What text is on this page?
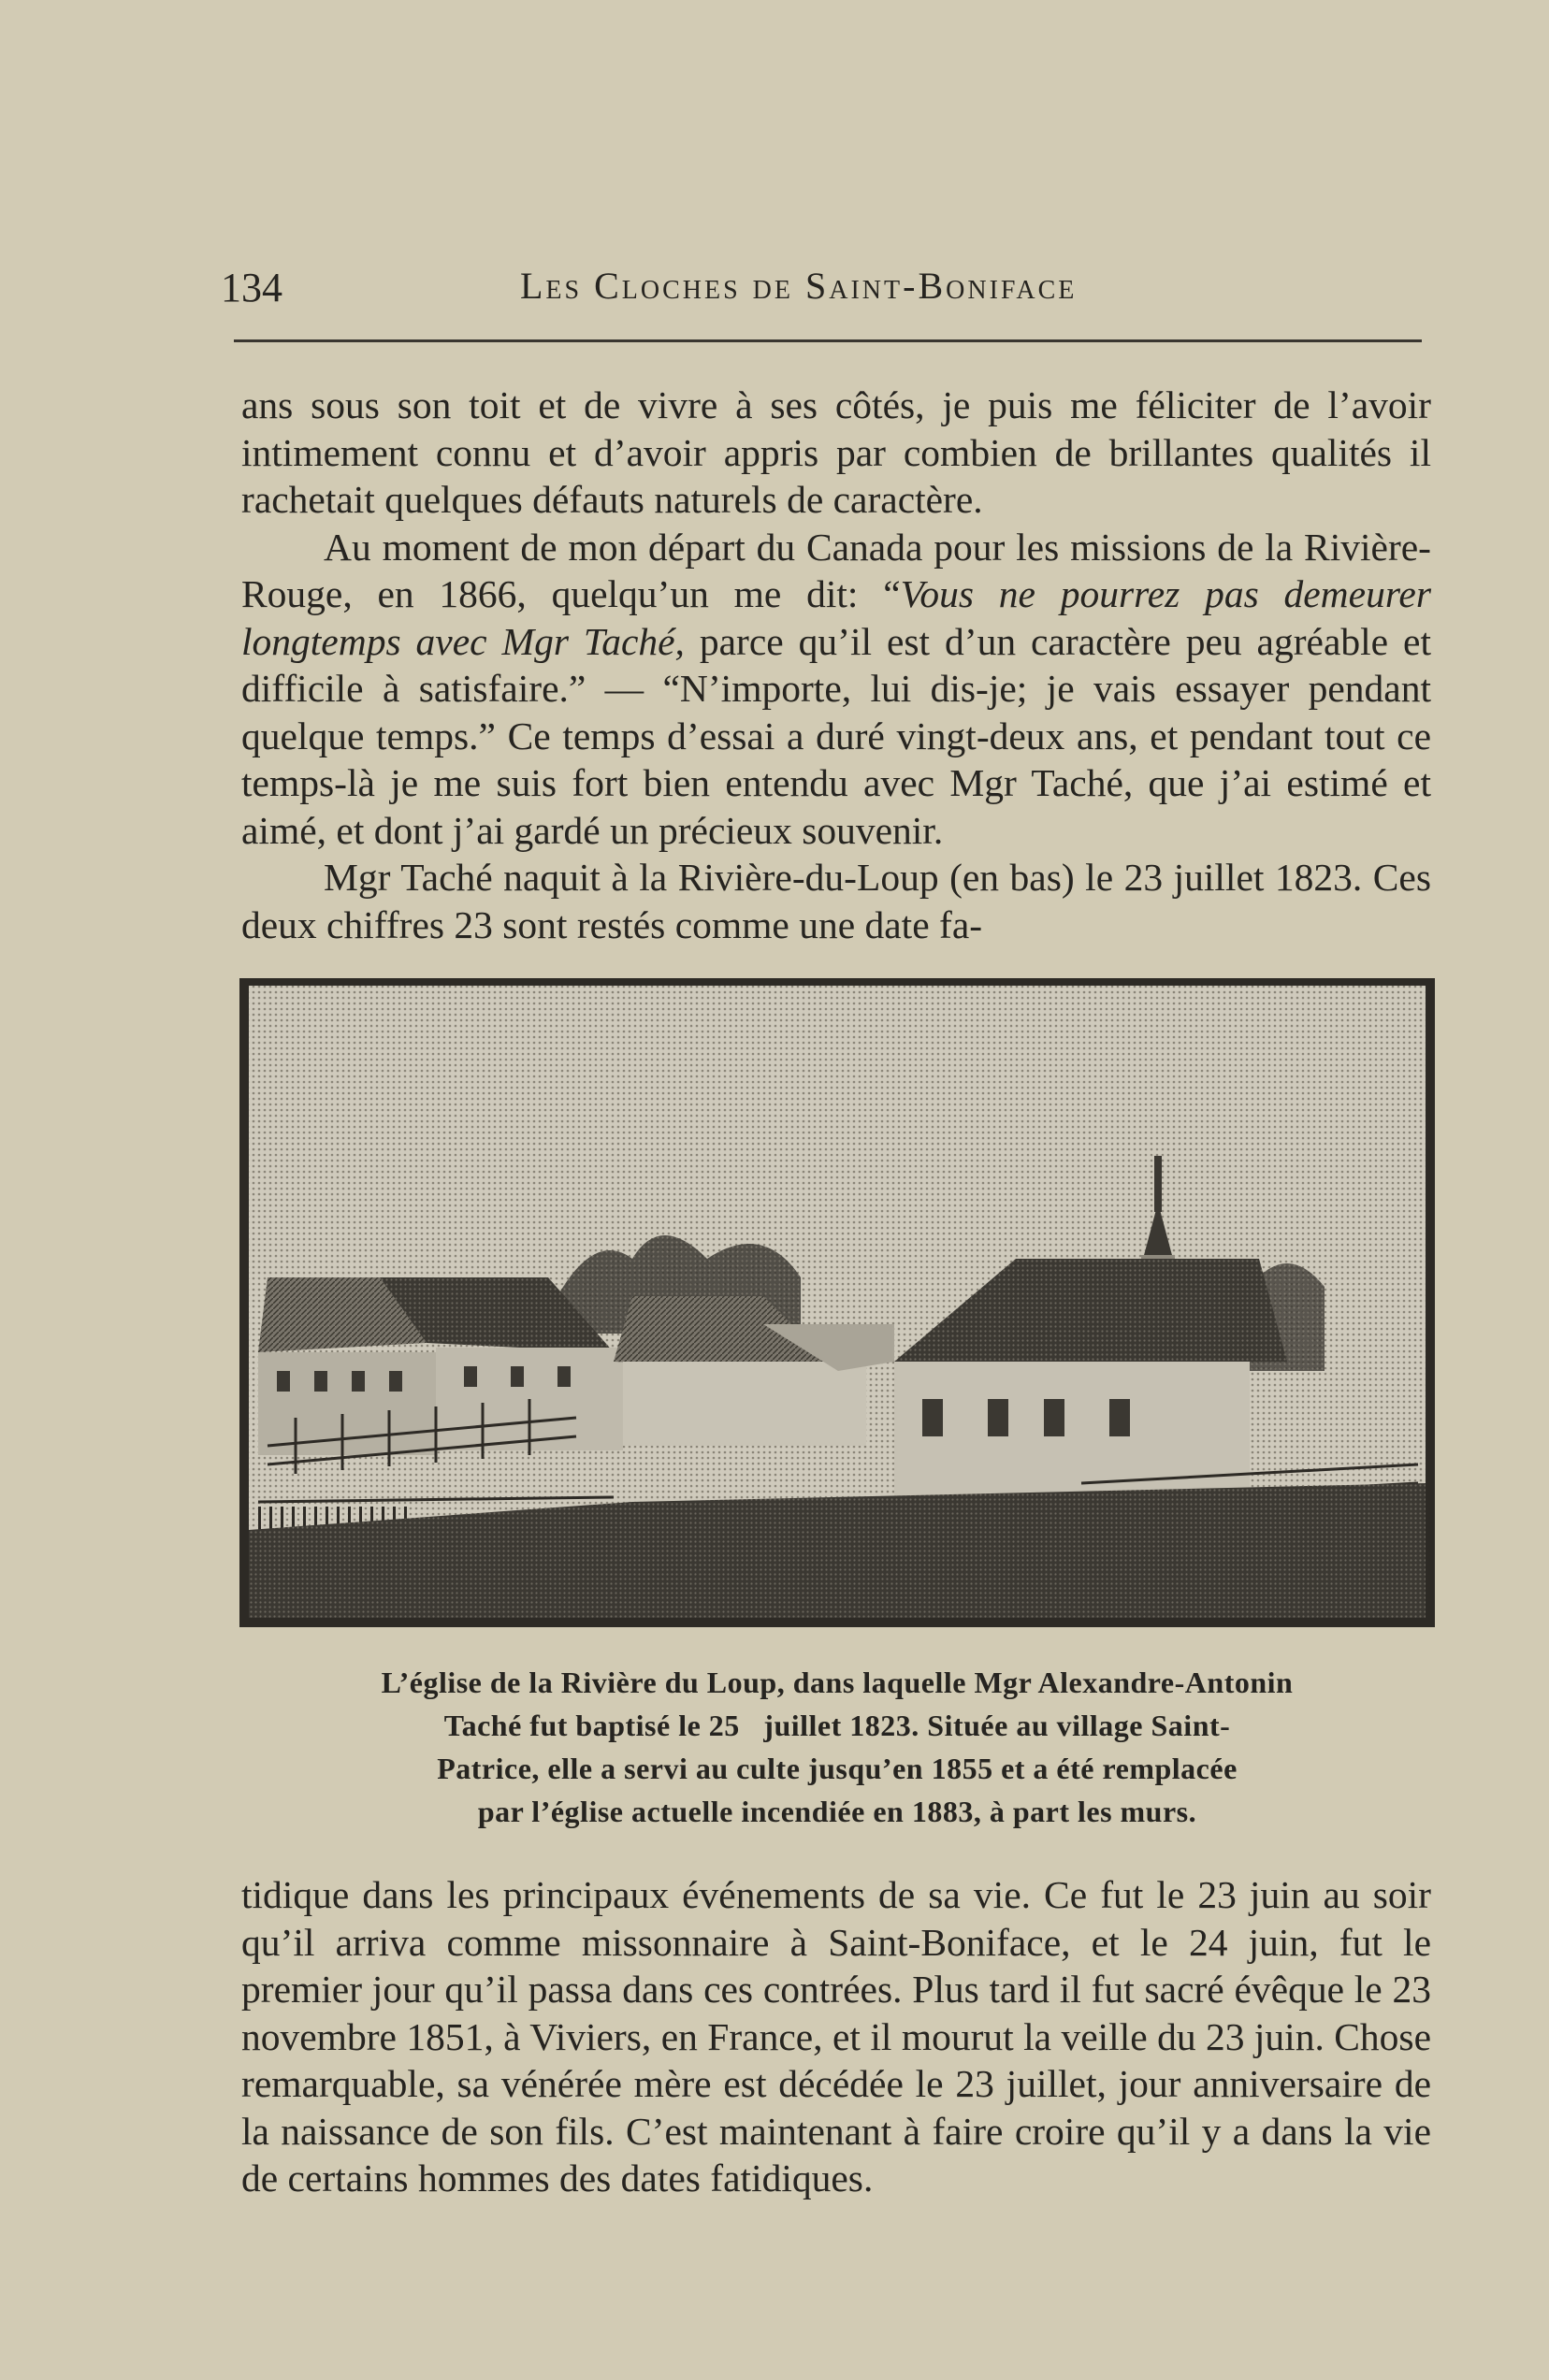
134	Les Cloches de Saint-Boniface

ans sous son toit et de vivre à ses côtés, je puis me féliciter de l’avoir intimement connu et d’avoir appris par combien de brillantes qualités il rachetait quelques défauts naturels de caractère.

Au moment de mon départ du Canada pour les missions de la Rivière-Rouge, en 1866, quelqu’un me dit: “Vous ne pourrez pas demeurer longtemps avec Mgr Taché, parce qu’il est d’un caractère peu agréable et difficile à satisfaire.” — “N’importe, lui dis-je; je vais essayer pendant quelque temps.” Ce temps d’essai a duré vingt-deux ans, et pendant tout ce temps-là je me suis fort bien entendu avec Mgr Taché, que j’ai estimé et aimé, et dont j’ai gardé un précieux souvenir.

Mgr Taché naquit à la Rivière-du-Loup (en bas) le 23 juillet 1823. Ces deux chiffres 23 sont restés comme une date fa-

L’église de la Rivière du Loup, dans laquelle Mgr Alexandre-Antonin
Taché fut baptisé le 25   juillet 1823. Située au village Saint-
Patrice, elle a servi au culte jusqu’en 1855 et a été remplacée
par l’église actuelle incendiée en 1883, à part les murs.

tidique dans les principaux événements de sa vie. Ce fut le 23 juin au soir qu’il arriva comme missonnaire à Saint-Boniface, et le 24 juin, fut le premier jour qu’il passa dans ces contrées. Plus tard il fut sacré évêque le 23 novembre 1851, à Viviers, en France, et il mourut la veille du 23 juin. Chose remarquable, sa vénérée mère est décédée le 23 juillet, jour anniversaire de la naissance de son fils. C’est maintenant à faire croire qu’il y a dans la vie de certains hommes des dates fatidiques.
